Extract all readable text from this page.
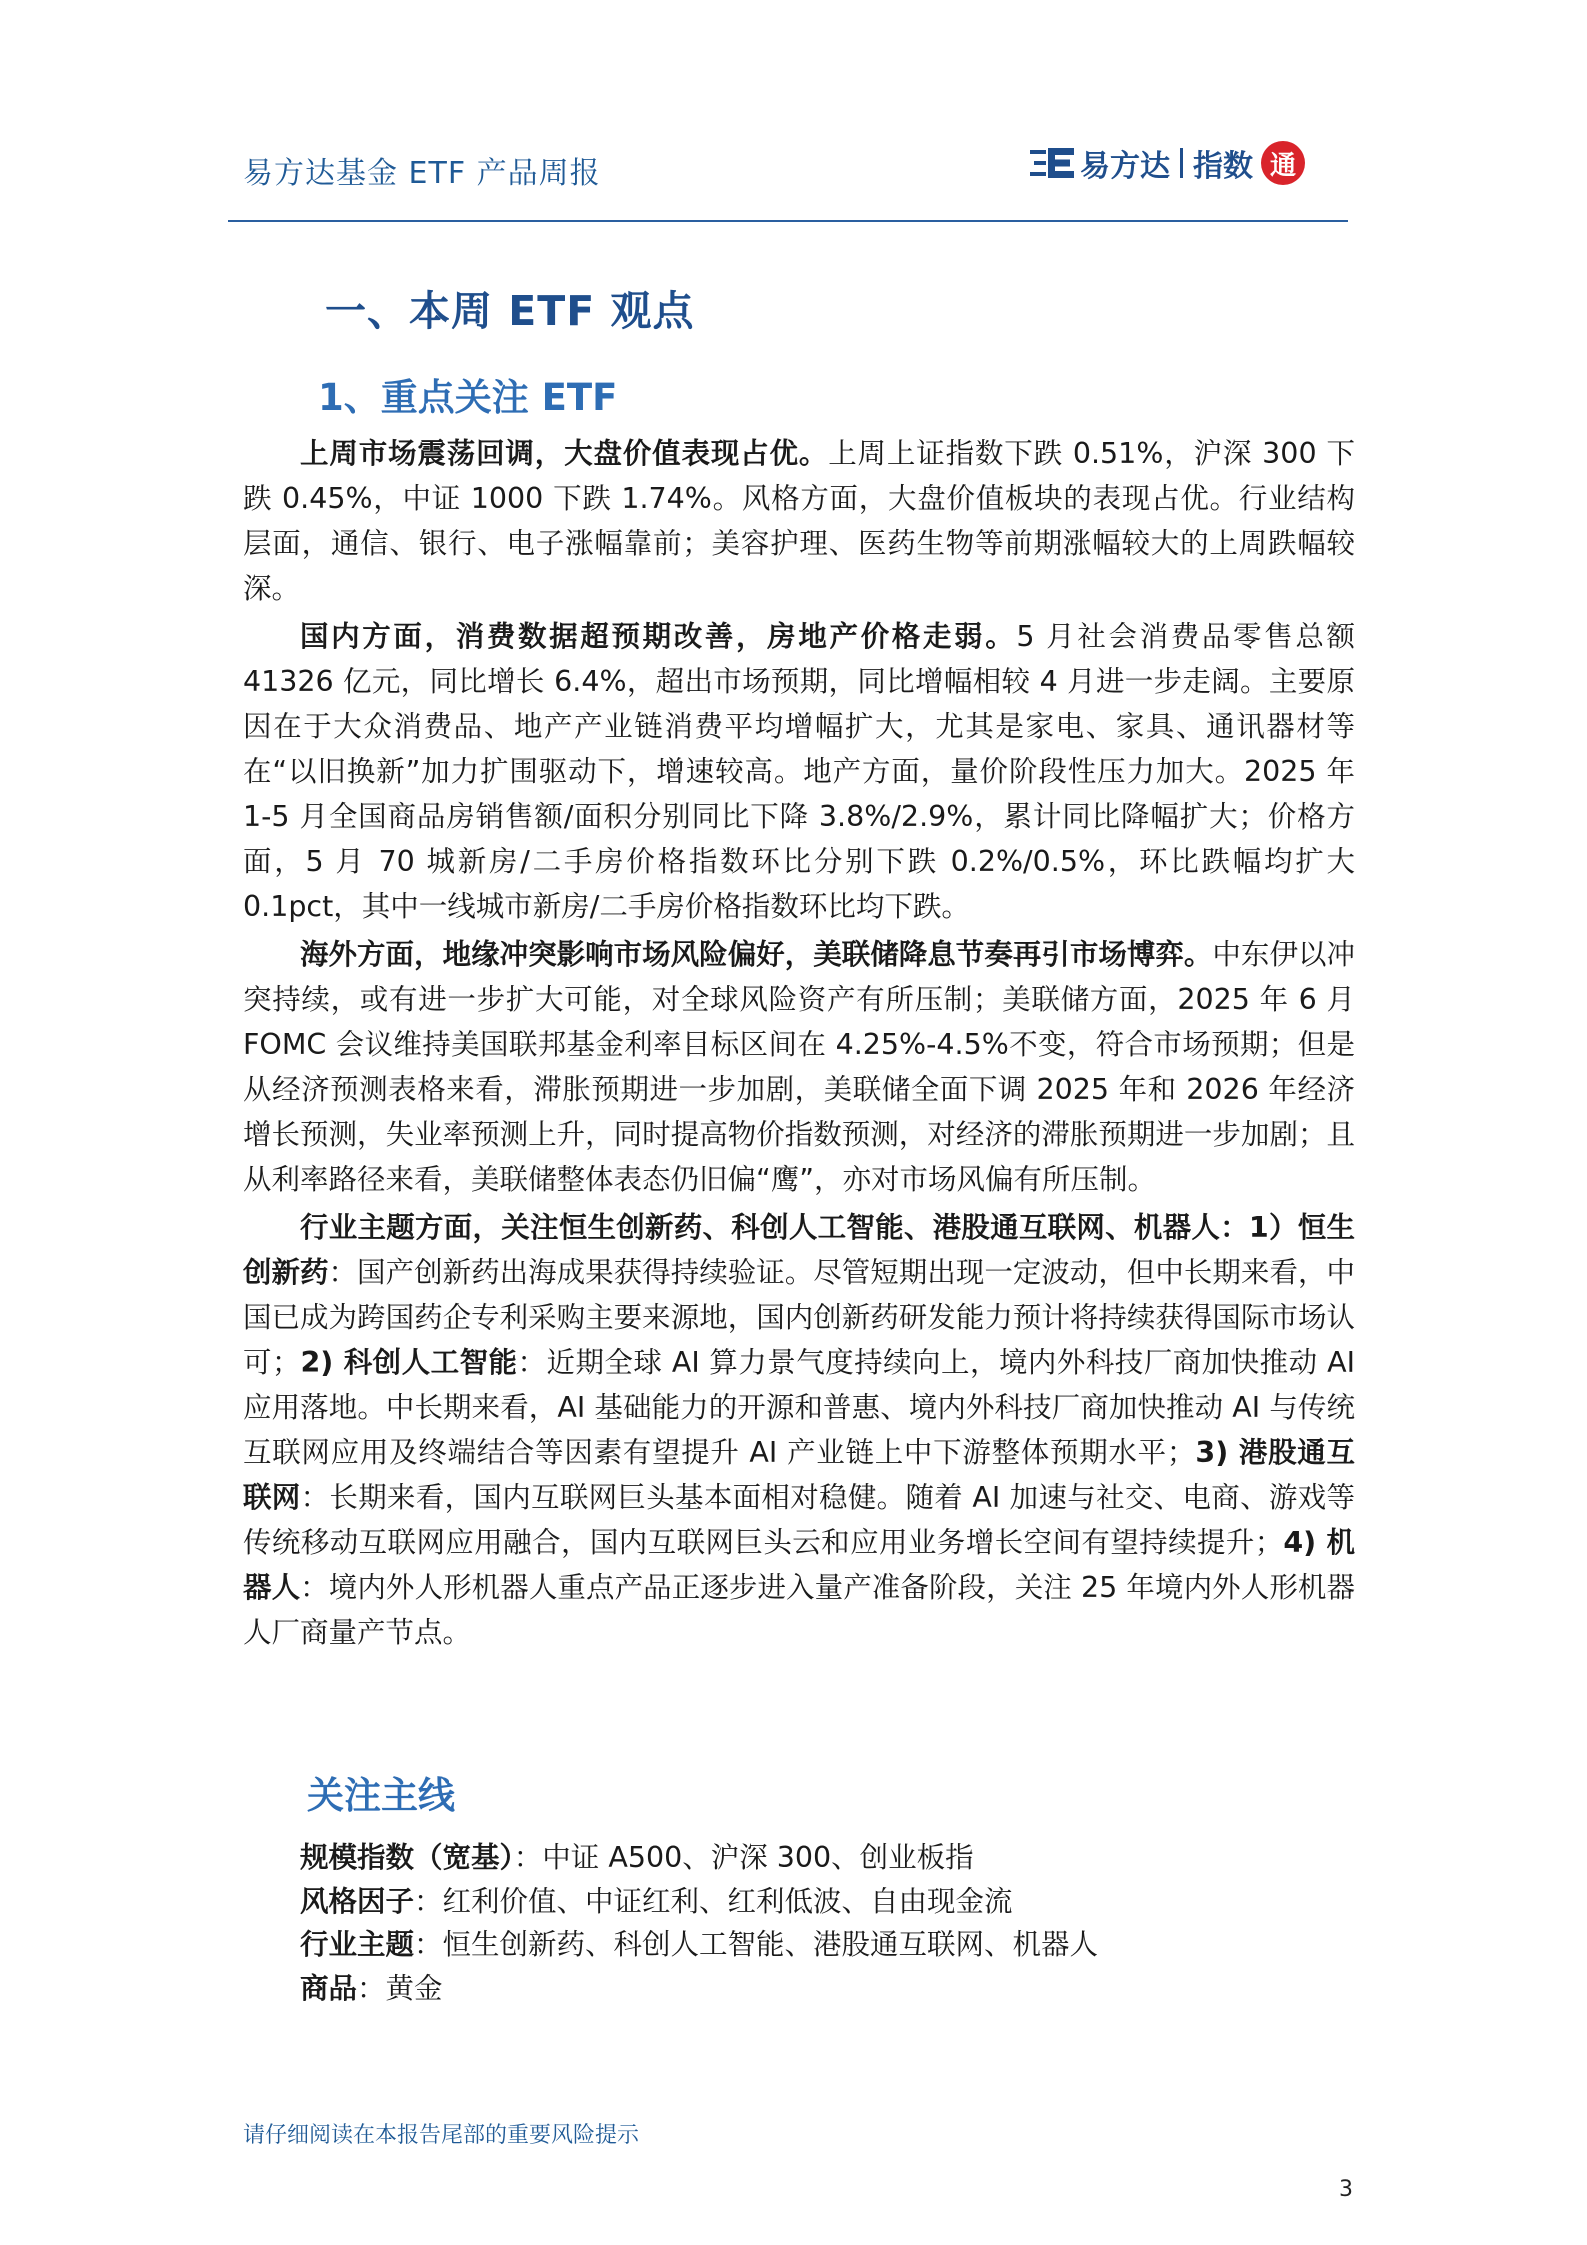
易方达基金 ETF 产品周报	易方达 指数 通
一、本周 ETF 观点
1、重点关注 ETF

上周市场震荡回调，大盘价值表现占优。上周上证指数下跌 0.51%，沪深 300 下跌 0.45%，中证 1000 下跌 1.74%。风格方面，大盘价值板块的表现占优。行业结构层面，通信、银行、电子涨幅靠前；美容护理、医药生物等前期涨幅较大的上周跌幅较深。

国内方面，消费数据超预期改善，房地产价格走弱。5 月社会消费品零售总额 41326 亿元，同比增长 6.4%，超出市场预期，同比增幅相较 4 月进一步走阔。主要原因在于大众消费品、地产产业链消费平均增幅扩大，尤其是家电、家具、通讯器材等在“以旧换新”加力扩围驱动下，增速较高。地产方面，量价阶段性压力加大。2025 年 1-5 月全国商品房销售额/面积分别同比下降 3.8%/2.9%，累计同比降幅扩大；价格方面，5 月 70 城新房/二手房价格指数环比分别下跌 0.2%/0.5%，环比跌幅均扩大 0.1pct，其中一线城市新房/二手房价格指数环比均下跌。

海外方面，地缘冲突影响市场风险偏好，美联储降息节奏再引市场博弈。中东伊以冲突持续，或有进一步扩大可能，对全球风险资产有所压制；美联储方面，2025 年 6 月 FOMC 会议维持美国联邦基金利率目标区间在 4.25%-4.5%不变，符合市场预期；但是从经济预测表格来看，滞胀预期进一步加剧，美联储全面下调 2025 年和 2026 年经济增长预测，失业率预测上升，同时提高物价指数预测，对经济的滞胀预期进一步加剧；且从利率路径来看，美联储整体表态仍旧偏“鹰”，亦对市场风偏有所压制。

行业主题方面，关注恒生创新药、科创人工智能、港股通互联网、机器人：1）恒生创新药：国产创新药出海成果获得持续验证。尽管短期出现一定波动，但中长期来看，中国已成为跨国药企专利采购主要来源地，国内创新药研发能力预计将持续获得国际市场认可；2) 科创人工智能：近期全球 AI 算力景气度持续向上，境内外科技厂商加快推动 AI 应用落地。中长期来看，AI 基础能力的开源和普惠、境内外科技厂商加快推动 AI 与传统互联网应用及终端结合等因素有望提升 AI 产业链上中下游整体预期水平；3) 港股通互联网：长期来看，国内互联网巨头基本面相对稳健。随着 AI 加速与社交、电商、游戏等传统移动互联网应用融合，国内互联网巨头云和应用业务增长空间有望持续提升；4) 机器人：境内外人形机器人重点产品正逐步进入量产准备阶段，关注 25 年境内外人形机器人厂商量产节点。

关注主线
规模指数（宽基）：中证 A500、沪深 300、创业板指
风格因子：红利价值、中证红利、红利低波、自由现金流
行业主题：恒生创新药、科创人工智能、港股通互联网、机器人
商品：黄金
请仔细阅读在本报告尾部的重要风险提示
3
